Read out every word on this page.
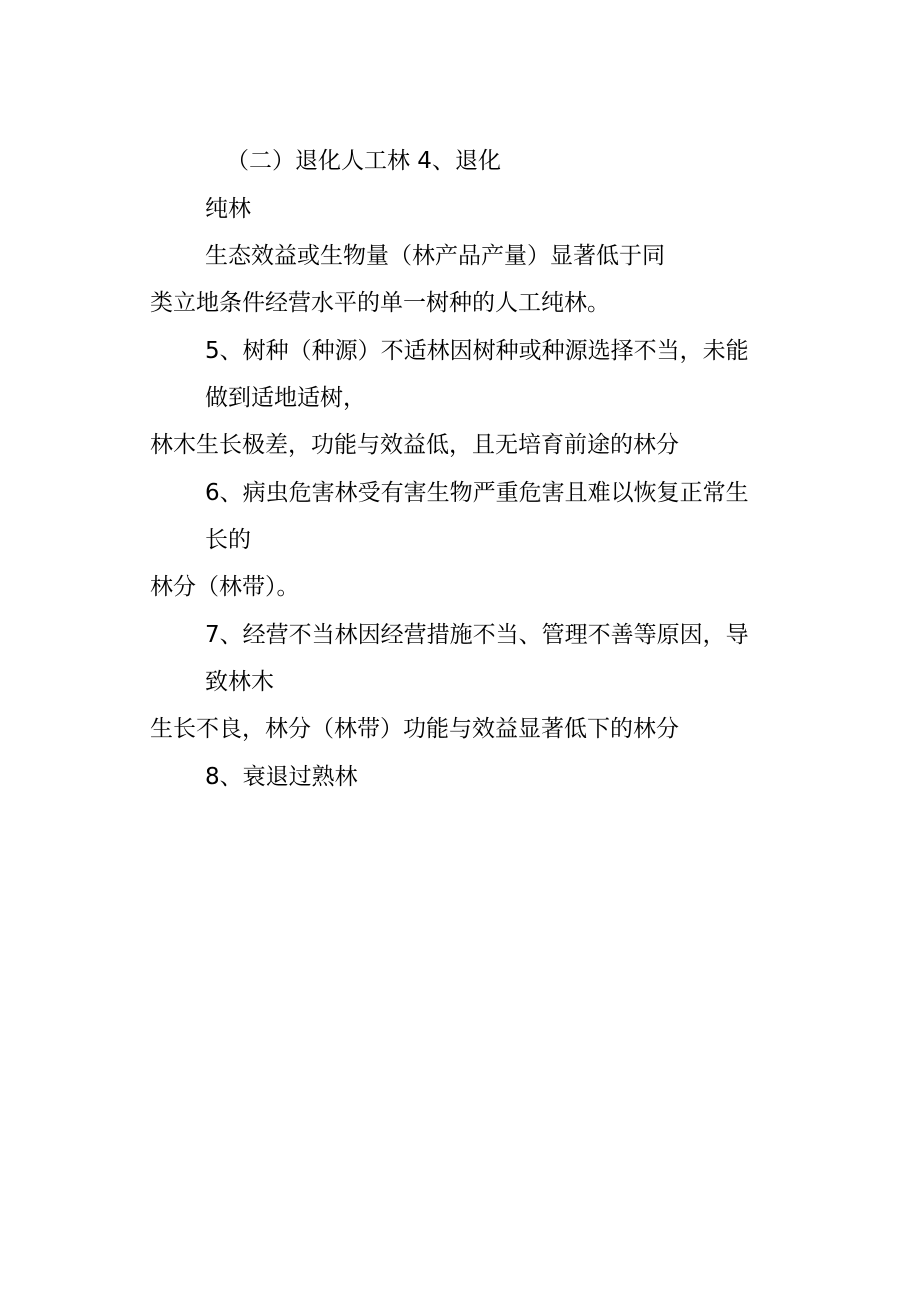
（二）退化人工林 4、退化
纯林
生态效益或生物量（林产品产量）显著低于同
类立地条件经营水平的单一树种的人工纯林。
5、树种（种源）不适林因树种或种源选择不当，未能
做到适地适树，
林木生长极差，功能与效益低，且无培育前途的林分
6、病虫危害林受有害生物严重危害且难以恢复正常生
长的
林分（林带）。
7、经营不当林因经营措施不当、管理不善等原因，导
致林木
生长不良，林分（林带）功能与效益显著低下的林分
8、衰退过熟林
